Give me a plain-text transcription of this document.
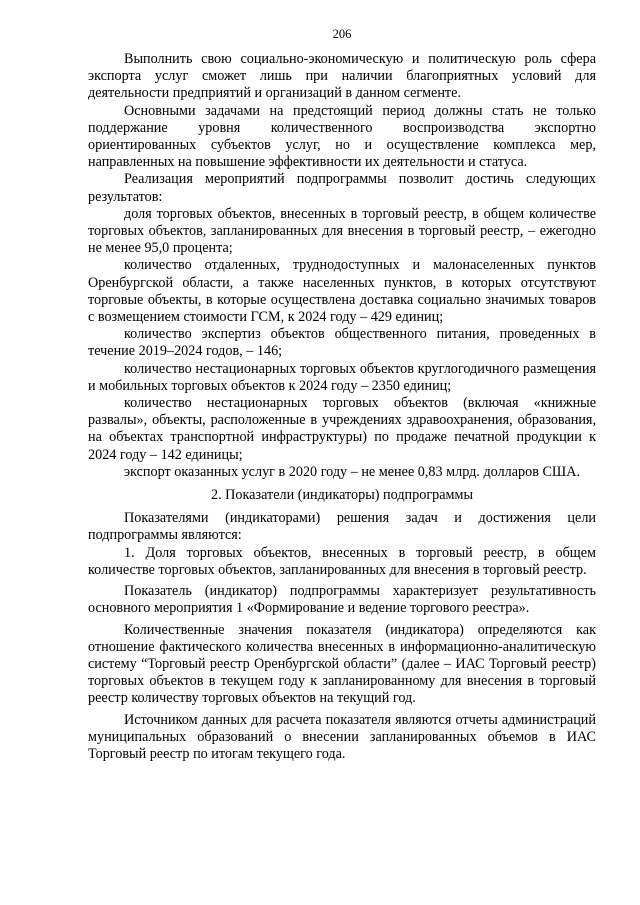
206

Выполнить свою социально-экономическую и политическую роль сфера экспорта услуг сможет лишь при наличии благоприятных условий для деятельности предприятий и организаций в данном сегменте.

Основными задачами на предстоящий период должны стать не только поддержание уровня количественного воспроизводства экспортно ориентированных субъектов услуг, но и осуществление комплекса мер, направленных на повышение эффективности их деятельности и статуса.

Реализация мероприятий подпрограммы позволит достичь следующих результатов:

доля торговых объектов, внесенных в торговый реестр, в общем количестве торговых объектов, запланированных для внесения в торговый реестр, – ежегодно не менее 95,0 процента;

количество отдаленных, труднодоступных и малонаселенных пунктов Оренбургской области, а также населенных пунктов, в которых отсутствуют торговые объекты, в которые осуществлена доставка социально значимых товаров с возмещением стоимости ГСМ, к 2024 году – 429 единиц;

количество экспертиз объектов общественного питания, проведенных в течение 2019–2024 годов, – 146;

количество нестационарных торговых объектов круглогодичного размещения и мобильных торговых объектов к 2024 году – 2350 единиц;

количество нестационарных торговых объектов (включая «книжные развалы», объекты, расположенные в учреждениях здравоохранения, образования, на объектах транспортной инфраструктуры) по продаже печатной продукции к 2024 году – 142 единицы;

экспорт оказанных услуг в 2020 году – не менее 0,83 млрд. долларов США.

2. Показатели (индикаторы) подпрограммы

Показателями (индикаторами) решения задач и достижения цели подпрограммы являются:

1. Доля торговых объектов, внесенных в торговый реестр, в общем количестве торговых объектов, запланированных для внесения в торговый реестр.

Показатель (индикатор) подпрограммы характеризует результативность основного мероприятия 1 «Формирование и ведение торгового реестра».

Количественные значения показателя (индикатора) определяются как отношение фактического количества внесенных в информационно-аналитическую систему “Торговый реестр Оренбургской области” (далее – ИАС Торговый реестр) торговых объектов в текущем году к запланированному для внесения в торговый реестр количеству торговых объектов на текущий год.

Источником данных для расчета показателя являются отчеты администраций муниципальных образований о внесении запланированных объемов в ИАС Торговый реестр по итогам текущего года.
